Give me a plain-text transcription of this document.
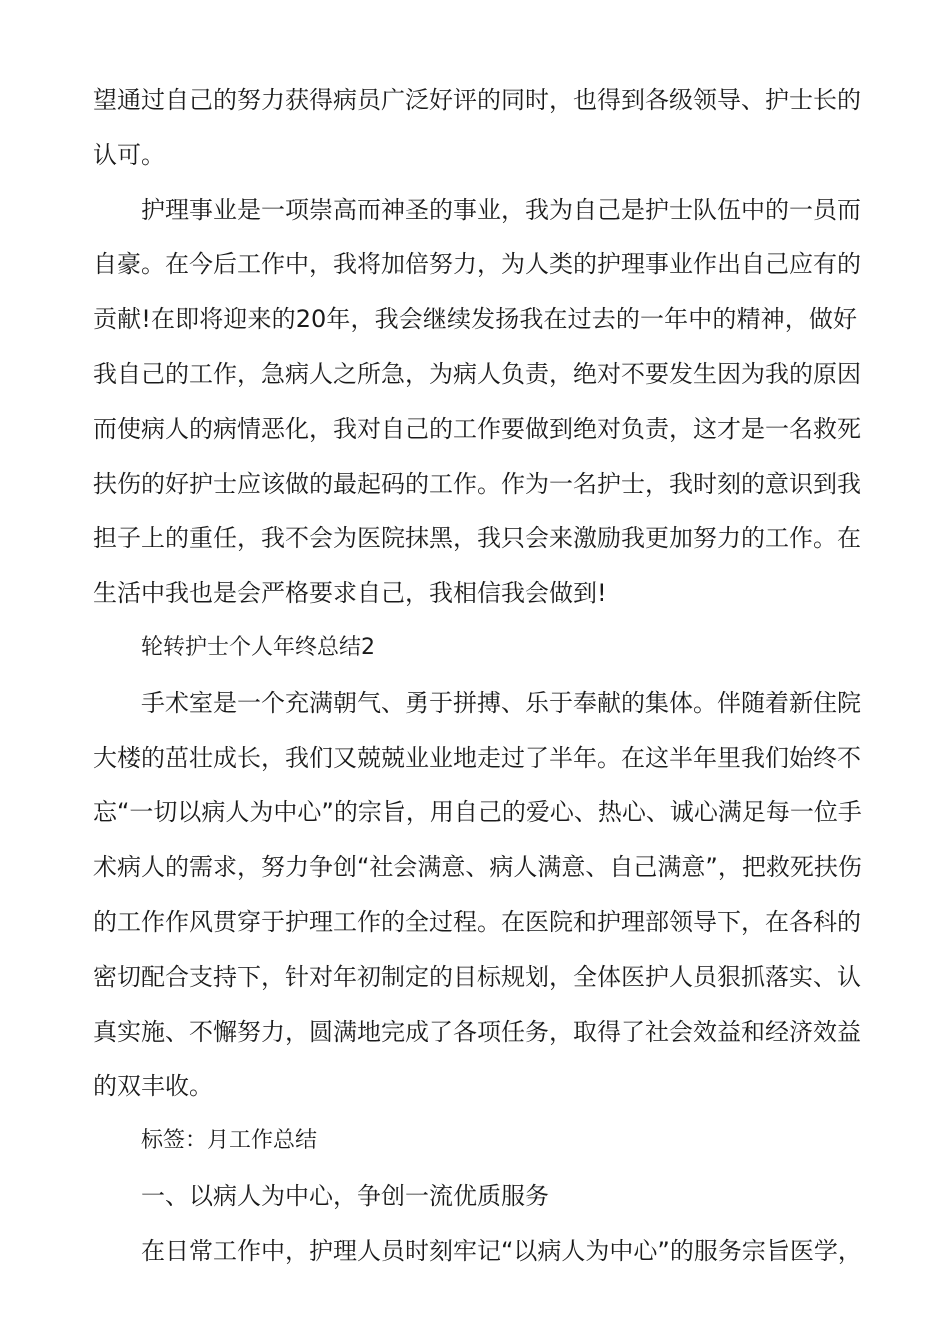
望通过自己的努力获得病员广泛好评的同时，也得到各级领导、护士长的
认可。
护理事业是一项崇高而神圣的事业，我为自己是护士队伍中的一员而
自豪。在今后工作中，我将加倍努力，为人类的护理事业作出自己应有的
贡献!在即将迎来的20年，我会继续发扬我在过去的一年中的精神，做好
我自己的工作，急病人之所急，为病人负责，绝对不要发生因为我的原因
而使病人的病情恶化，我对自己的工作要做到绝对负责，这才是一名救死
扶伤的好护士应该做的最起码的工作。作为一名护士，我时刻的意识到我
担子上的重任，我不会为医院抹黑，我只会来激励我更加努力的工作。在
生活中我也是会严格要求自己，我相信我会做到!
轮转护士个人年终总结2
手术室是一个充满朝气、勇于拼搏、乐于奉献的集体。伴随着新住院
大楼的茁壮成长，我们又兢兢业业地走过了半年。在这半年里我们始终不
忘“一切以病人为中心”的宗旨，用自己的爱心、热心、诚心满足每一位手
术病人的需求，努力争创“社会满意、病人满意、自己满意”，把救死扶伤
的工作作风贯穿于护理工作的全过程。在医院和护理部领导下，在各科的
密切配合支持下，针对年初制定的目标规划，全体医护人员狠抓落实、认
真实施、不懈努力，圆满地完成了各项任务，取得了社会效益和经济效益
的双丰收。
标签：月工作总结
一、以病人为中心，争创一流优质服务
在日常工作中，护理人员时刻牢记“以病人为中心”的服务宗旨医学，
